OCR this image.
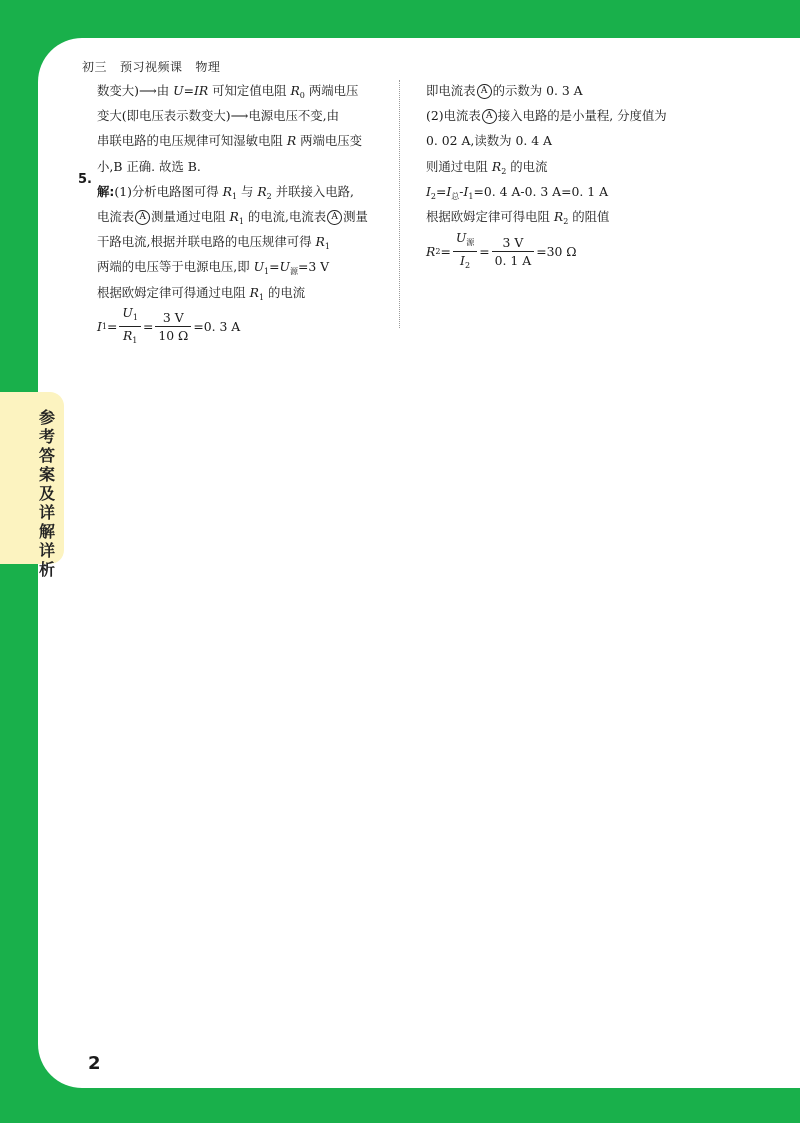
参考答案及详解详析
初三   预习视频课   物理
5.
数变大)⟶由 U=IR 可知定值电阻 $R_0$ 两端电压
变大(即电压表示数变大)⟶电源电压不变,由
串联电路的电压规律可知湿敏电阻 R 两端电压变
小,B 正确. 故选 B.
解:(1)分析电路图可得 $R_1$ 与 $R_2$ 并联接入电路,
电流表 A 测量通过电阻 $R_1$ 的电流,电流表 A 测量
干路电流,根据并联电路的电压规律可得 $R_1$
两端的电压等于电源电压,即 $U_1=U_源=3$ V
根据欧姆定律可得通过电阻 $R_1$ 的电流
I $1 = \frac{U_1}{R_1} = \frac{3 V}{10 \Omega} =0$. 3 A
即电流表 A 的示数为 0. 3 A
(2)电流表 A 接入电路的是小量程, 分度值为
0. 02 A,读数为 0. 4 A
则通过电阻 $R_2$ 的电流
$I_2=I_总-I_1=0$. 4 A-0. 3 A=0. 1 A
根据欧姆定律可得电阻 $R_2$ 的阻值
R $2 = \frac{U_源}{I_2} = \frac{3 V}{0. 1 A} =30$ Ω
2
